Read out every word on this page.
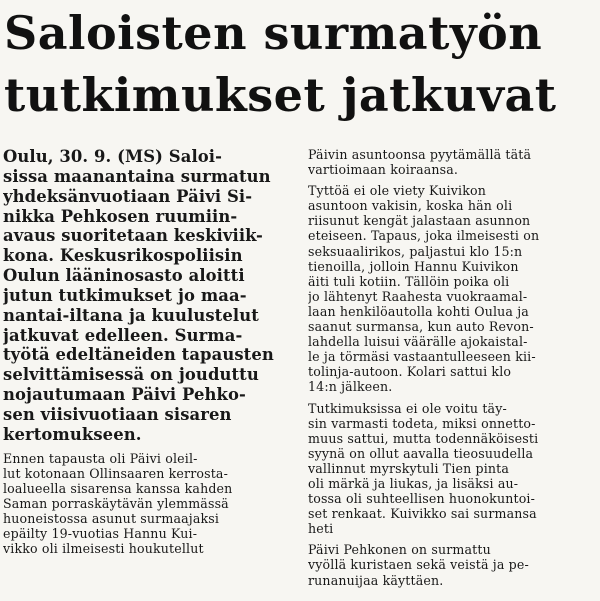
Saloisten surmatyön
tutkimukset jatkuvat
Oulu, 30. 9. (MS) Saloi-
sissa maanantaina surmatun
yhdeksänvuotiaan Päivi Si-
nikka Pehkosen ruumiin-
avaus suoritetaan keskiviik-
kona. Keskusrikospoliisin
Oulun lääninosasto aloitti
jutun tutkimukset jo maa-
nantai-iltana ja kuulustelut
jatkuvat edelleen. Surma-
työtä edeltäneiden tapausten
selvittämisessä on jouduttu
nojautumaan Päivi Pehko-
sen viisivuotiaan sisaren
kertomukseen.
Ennen tapausta oli Päivi oleil-
lut kotonaan Ollinsaaren kerrosta-
loalueella sisarensa kanssa kahden
Saman porraskäytävän ylemmässä
huoneistossa asunut surmaajaksi
epäilty 19-vuotias Hannu Kui-
vikko oli ilmeisesti houkutellut
Päivin asuntoonsa pyytämällä tätä
vartioimaan koiraansa.
Tyttöä ei ole viety Kuivikon
asuntoon vakisin, koska hän oli
riisunut kengät jalastaan asunnon
eteiseen. Tapaus, joka ilmeisesti on
seksuaalirikos, paljastui klo 15:n
tienoilla, jolloin Hannu Kuivikon
äiti tuli kotiin. Tällöin poika oli
jo lähtenyt Raahesta vuokraamal-
laan henkilöautolla kohti Oulua ja
saanut surmansa, kun auto Revon-
lahdella luisui väärälle ajokaistal-
le ja törmäsi vastaantulleeseen kii-
tolinja-autoon. Kolari sattui klo
14:n jälkeen.
Tutkimuksissa ei ole voitu täy-
sin varmasti todeta, miksi onnetto-
muus sattui, mutta todennäköisesti
syynä on ollut aavalla tieosuudella
vallinnut myrskytuli Tien pinta
oli märkä ja liukas, ja lisäksi au-
tossa oli suhteellisen huonokuntoi-
set renkaat. Kuivikko sai surmansa
heti
Päivi Pehkonen on surmattu
vyöllä kuristaen sekä veistä ja pe-
runanuijaa käyttäen.
